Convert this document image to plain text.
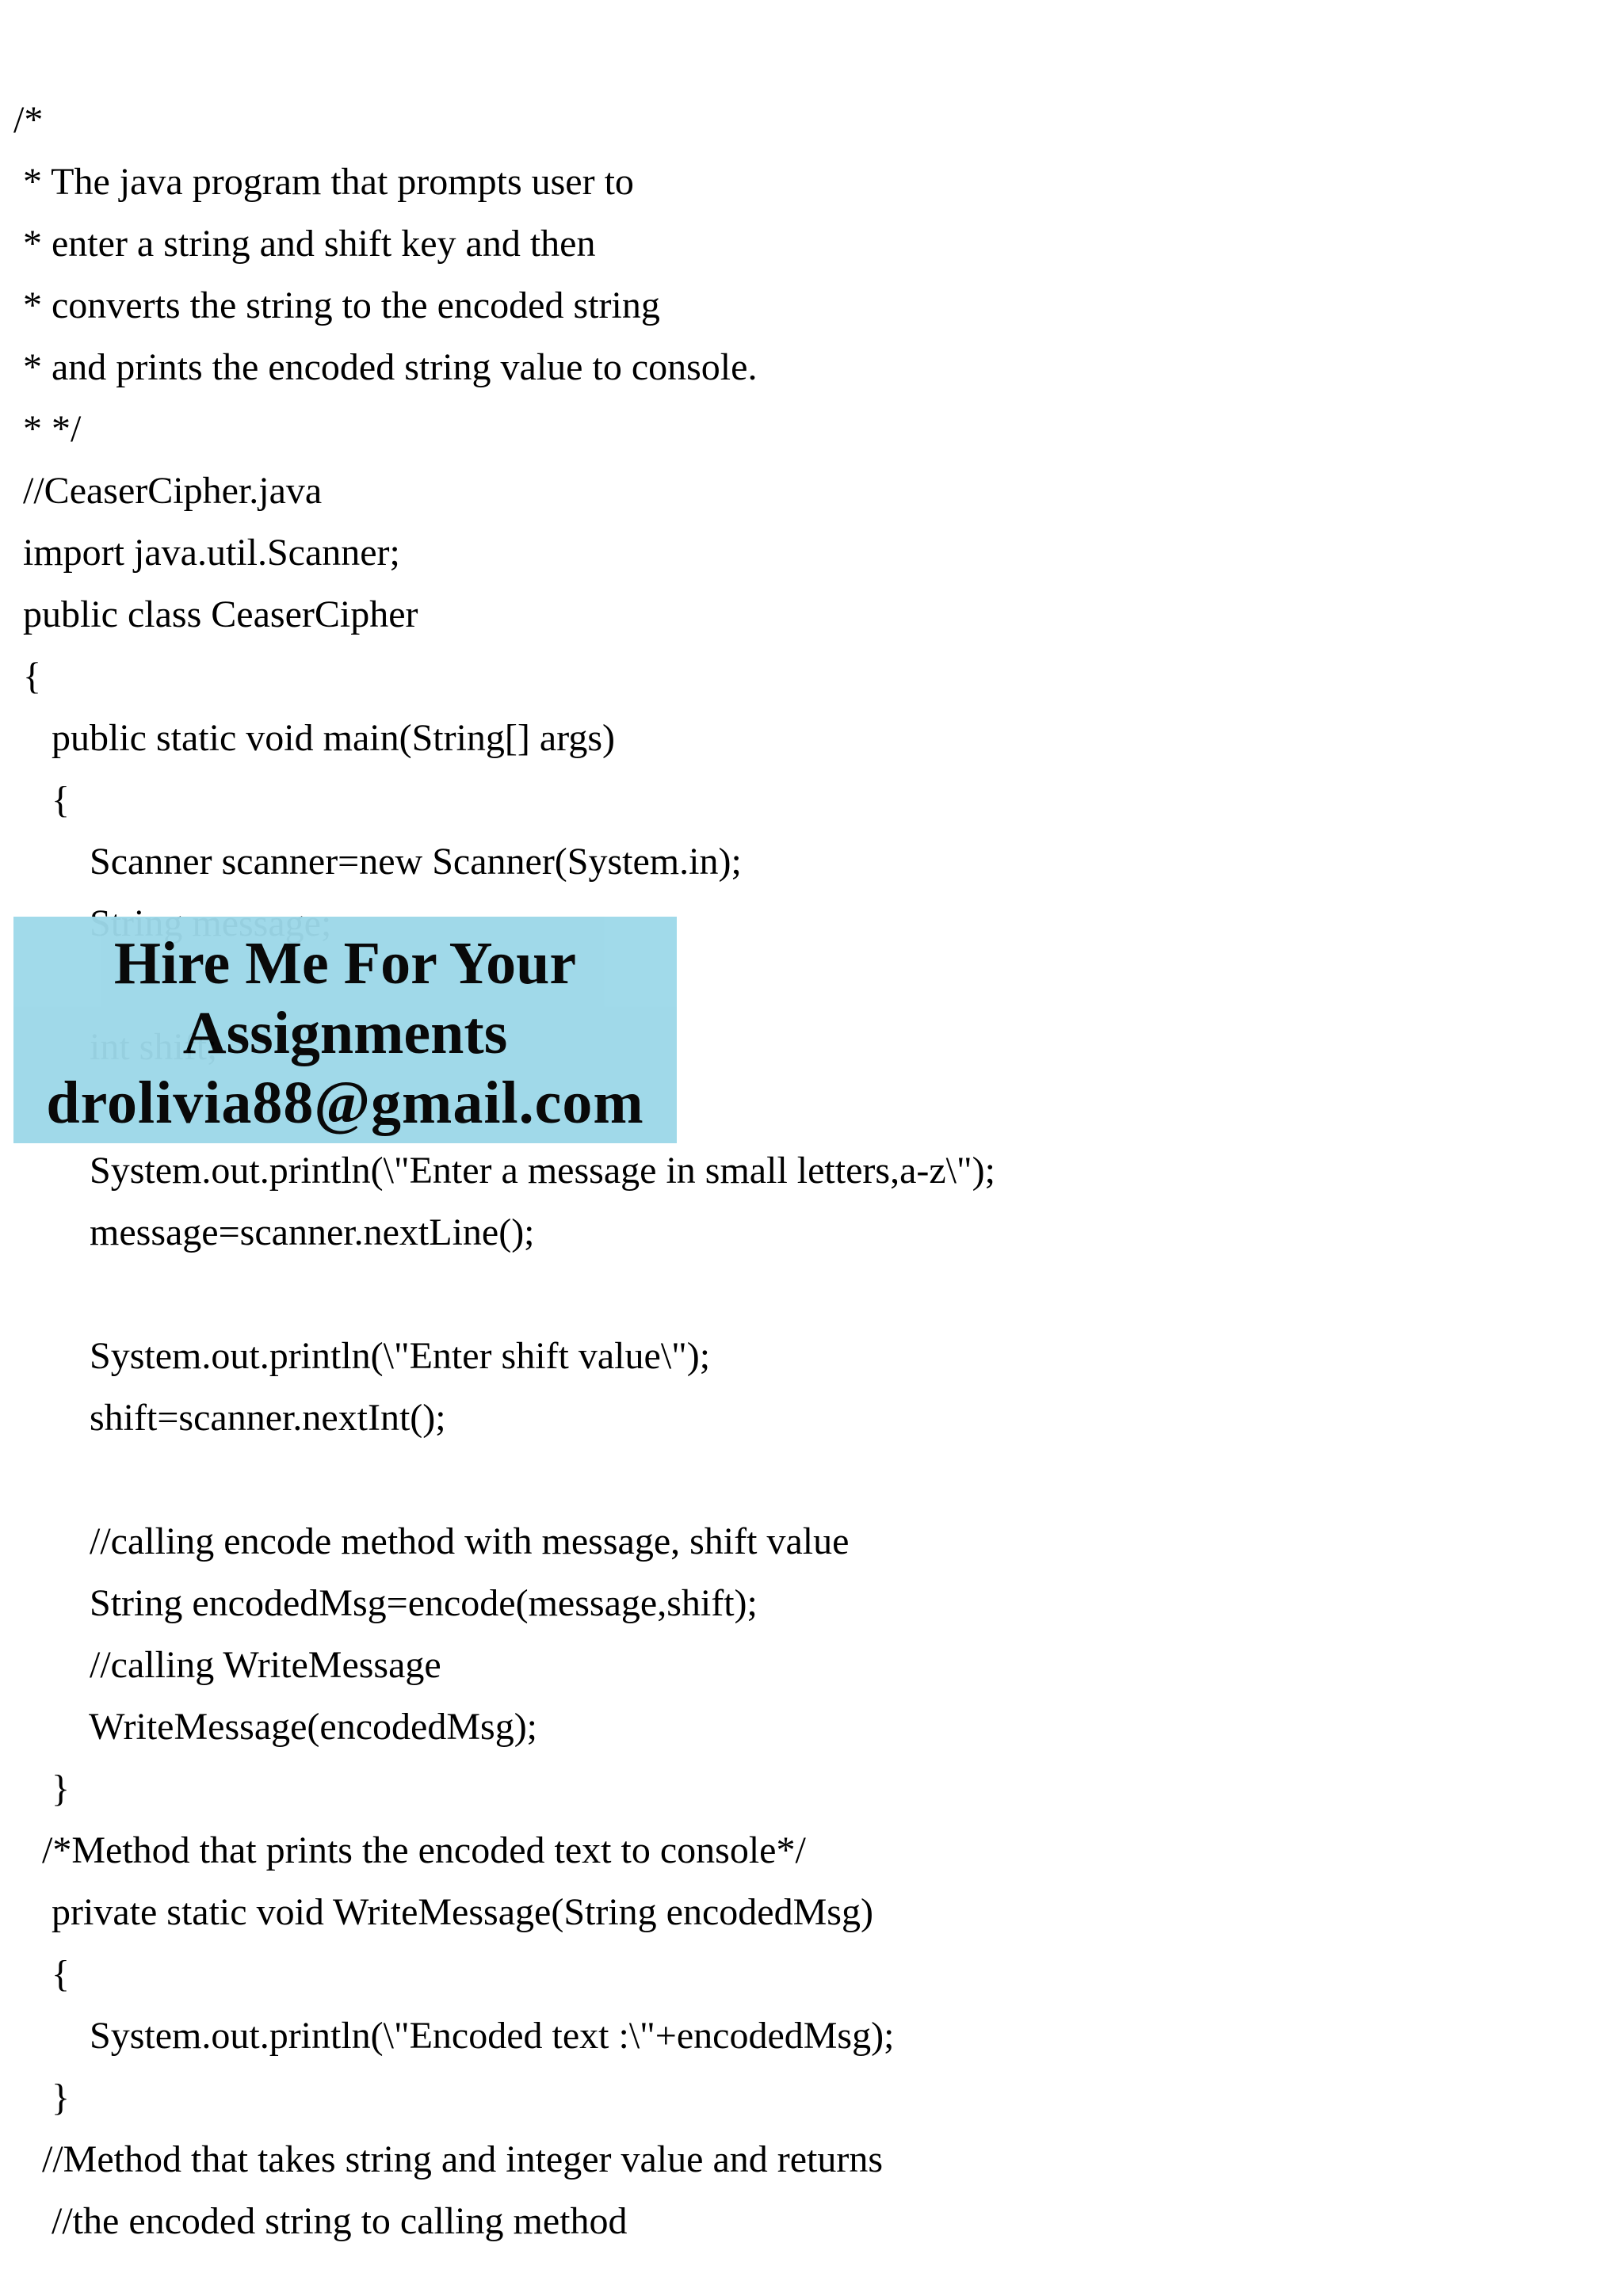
/*
* The java program that prompts user to
* enter a string and shift key and then
* converts the string to the encoded string
* and prints the encoded string value to console.
* */
//CeaserCipher.java
import java.util.Scanner;
public class CeaserCipher
{
public static void main(String[] args)
{
Scanner scanner=new Scanner(System.in);
System.out.println(\"Enter a message in small letters,a-z\");
message=scanner.nextLine();
System.out.println(\"Enter shift value\");
shift=scanner.nextInt();
//calling encode method with message, shift value
String encodedMsg=encode(message,shift);
//calling WriteMessage
WriteMessage(encodedMsg);
}
/*Method that prints the encoded text to console*/
private static void WriteMessage(String encodedMsg)
{
System.out.println(\"Encoded text :\"+encodedMsg);
}
//Method that takes string and integer value and returns
//the encoded string to calling method
Hire Me For Your
Assignments
drolivia88@gmail.com
